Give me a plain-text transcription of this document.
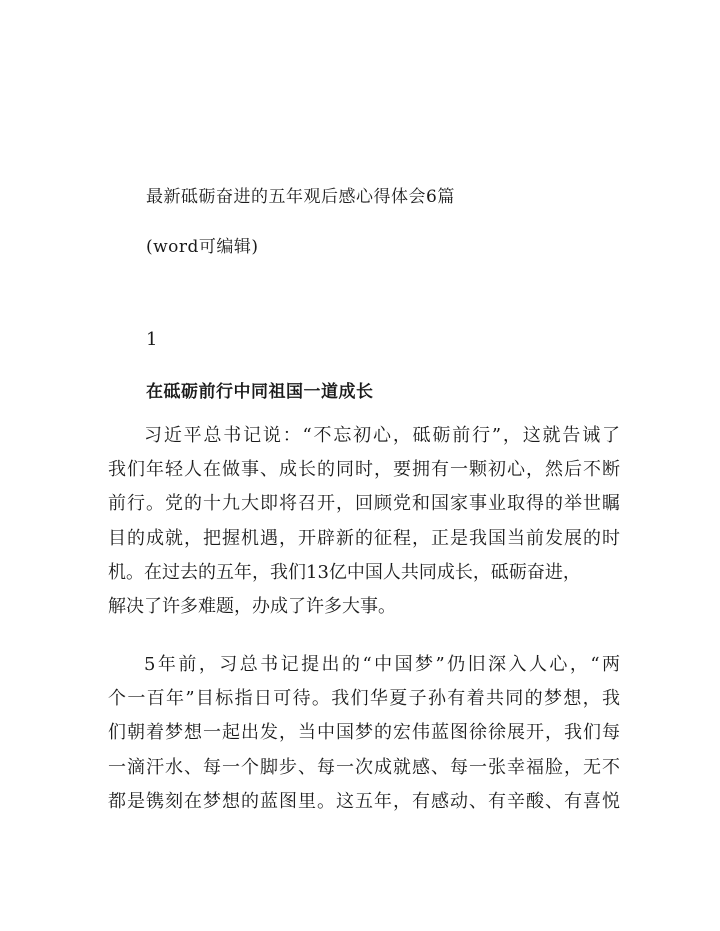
最新砥砺奋进的五年观后感心得体会6篇
(word可编辑)
1
在砥砺前行中同祖国一道成长
习近平总书记说：“不忘初心，砥砺前行”，这就告诫了
我们年轻人在做事、成长的同时，要拥有一颗初心，然后不断
前行。党的十九大即将召开，回顾党和国家事业取得的举世瞩
目的成就，把握机遇，开辟新的征程，正是我国当前发展的时
机。在过去的五年，我们13亿中国人共同成长，砥砺奋进，
解决了许多难题，办成了许多大事。
5年前，习总书记提出的“中国梦”仍旧深入人心，“两
个一百年”目标指日可待。我们华夏子孙有着共同的梦想，我
们朝着梦想一起出发，当中国梦的宏伟蓝图徐徐展开，我们每
一滴汗水、每一个脚步、每一次成就感、每一张幸福脸，无不
都是镌刻在梦想的蓝图里。这五年，有感动、有辛酸、有喜悦
